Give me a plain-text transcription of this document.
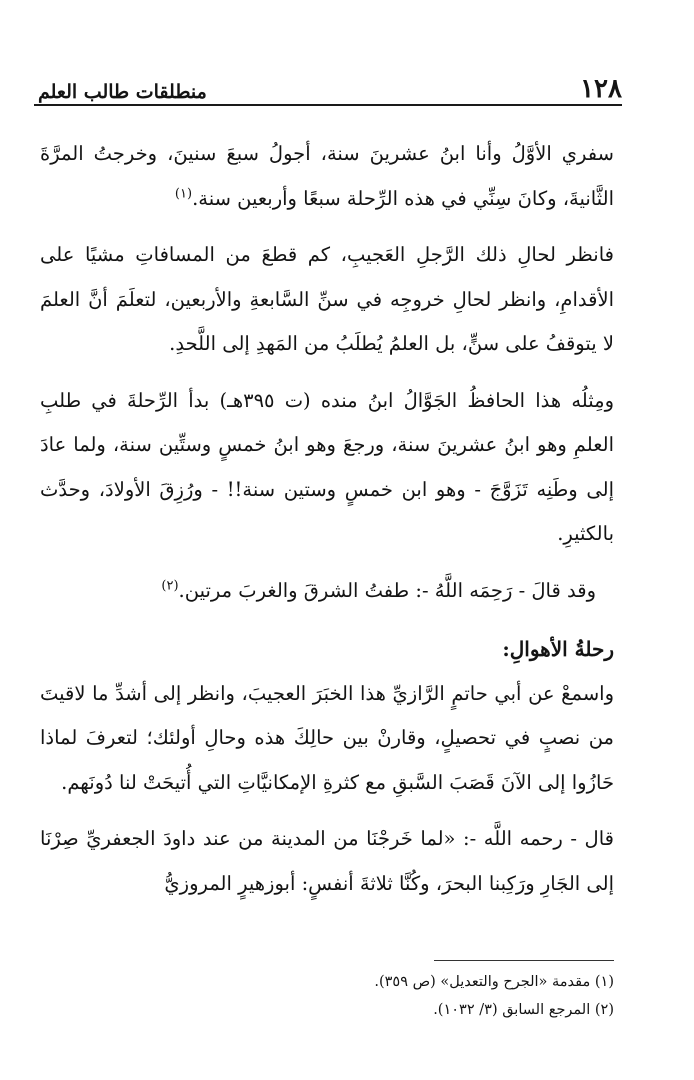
١٢٨
منطلقات طالب العلم

سفري الأوَّلُ وأنا ابنُ عشرينَ سنة، أجولُ سبعَ سنينَ، وخرجتُ المرَّةَ الثَّانيةَ، وكانَ سِنِّي في هذه الرِّحلة سبعًا وأربعين سنة.$^{(١)}$

فانظر لحالِ ذلك الرَّجلِ العَجيبِ، كم قطعَ من المسافاتِ مشيًا على الأقدامِ، وانظر لحالِ خروجِه في سنِّ السَّابعةِ والأربعين، لتعلَمَ أنَّ العلمَ لا يتوقفُ على سنٍّ، بل العلمُ يُطلَبُ من المَهدِ إلى اللَّحدِ.

ومِثلُه هذا الحافظُ الجَوَّالُ ابنُ منده (ت ٣٩٥هـ) بدأ الرِّحلةَ في طلبِ العلمِ وهو ابنُ عشرينَ سنة، ورجعَ وهو ابنُ خمسٍ وستِّين سنة، ولما عادَ إلى وطَنِه تَزَوَّجَ - وهو ابن خمسٍ وستين سنة!! - ورُزِقَ الأولادَ، وحدَّث بالكثيرِ.

وقد قالَ - رَحِمَه اللَّهُ -: طفتُ الشرقَ والغربَ مرتين.$^{(٢)}$

رحلةُ الأهوالِ:

واسمعْ عن أبي حاتمٍ الرَّازيِّ هذا الخبَرَ العجيبَ، وانظر إلى أشدِّ ما لاقيتَ من نصبٍ في تحصيلٍ، وقارنْ بين حالِكَ هذه وحالِ أولئك؛ لتعرفَ لماذا حَازُوا إلى الآنَ قَصَبَ السَّبقِ مع كثرةِ الإمكانيَّاتِ التي أُتيحَتْ لنا دُونَهم.

قال - رحمه اللَّه -: «لما خَرجْنَا من المدينة من عند داودَ الجعفريِّ صِرْنَا إلى الجَارِ ورَكِبنا البحرَ، وكُنَّا ثلاثةَ أنفسٍ: أبوزهيرٍ المروزيُّ

(١) مقدمة «الجرح والتعديل» (ص ٣٥٩).

(٢) المرجع السابق (٣/ ١٠٣٢).
